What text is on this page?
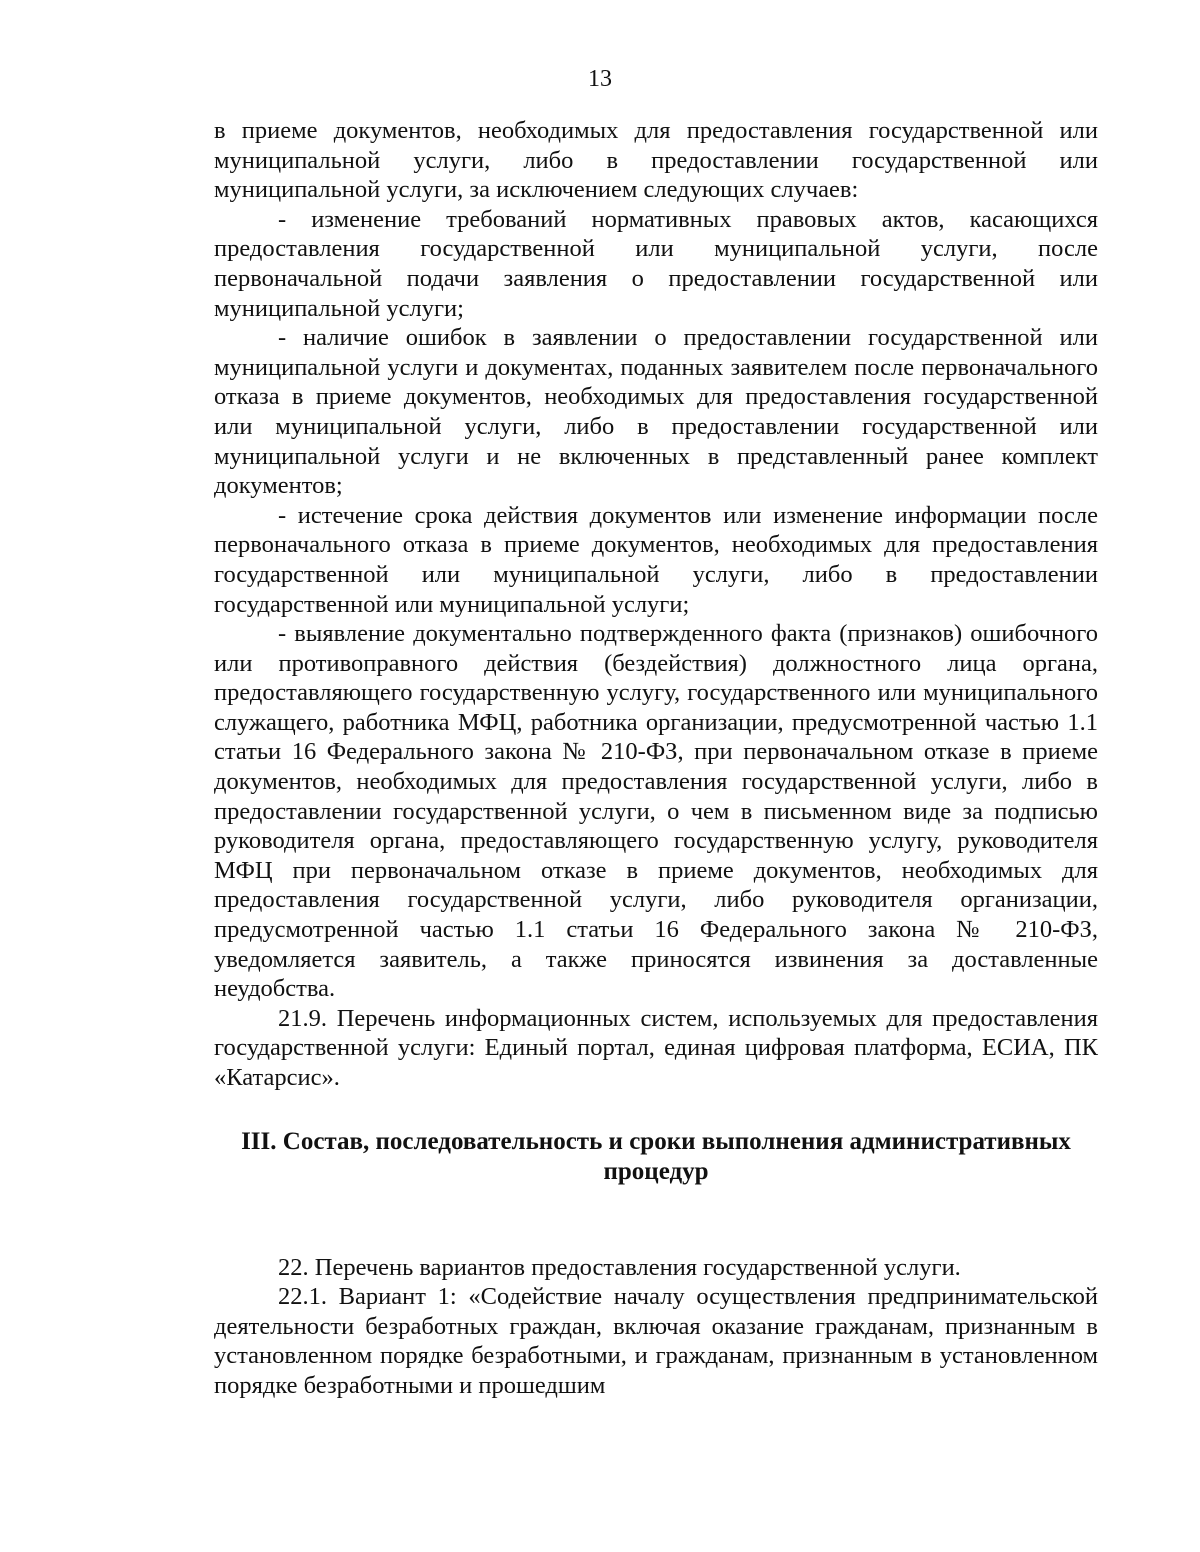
13

в приеме документов, необходимых для предоставления государственной или муниципальной услуги, либо в предоставлении государственной или муниципальной услуги, за исключением следующих случаев:

- изменение требований нормативных правовых актов, касающихся предоставления государственной или муниципальной услуги, после первоначальной подачи заявления о предоставлении государственной или муниципальной услуги;

- наличие ошибок в заявлении о предоставлении государственной или муниципальной услуги и документах, поданных заявителем после первоначального отказа в приеме документов, необходимых для предоставления государственной или муниципальной услуги, либо в предоставлении государственной или муниципальной услуги и не включенных в представленный ранее комплект документов;

- истечение срока действия документов или изменение информации после первоначального отказа в приеме документов, необходимых для предоставления государственной или муниципальной услуги, либо в предоставлении государственной или муниципальной услуги;

- выявление документально подтвержденного факта (признаков) ошибочного или противоправного действия (бездействия) должностного лица органа, предоставляющего государственную услугу, государственного или муниципального служащего, работника МФЦ, работника организации, предусмотренной частью 1.1 статьи 16 Федерального закона № 210-ФЗ, при первоначальном отказе в приеме документов, необходимых для предоставления государственной услуги, либо в предоставлении государственной услуги, о чем в письменном виде за подписью руководителя органа, предоставляющего государственную услугу, руководителя МФЦ при первоначальном отказе в приеме документов, необходимых для предоставления государственной услуги, либо руководителя организации, предусмотренной частью 1.1 статьи 16 Федерального закона № 210-ФЗ, уведомляется заявитель, а также приносятся извинения за доставленные неудобства.

21.9. Перечень информационных систем, используемых для предоставления государственной услуги: Единый портал, единая цифровая платформа, ЕСИА, ПК «Катарсис».

III. Состав, последовательность и сроки выполнения административных

процедур

22. Перечень вариантов предоставления государственной услуги.

22.1. Вариант 1: «Содействие началу осуществления предпринимательской деятельности безработных граждан, включая оказание гражданам, признанным в установленном порядке безработными, и гражданам, признанным в установленном порядке безработными и прошедшим
